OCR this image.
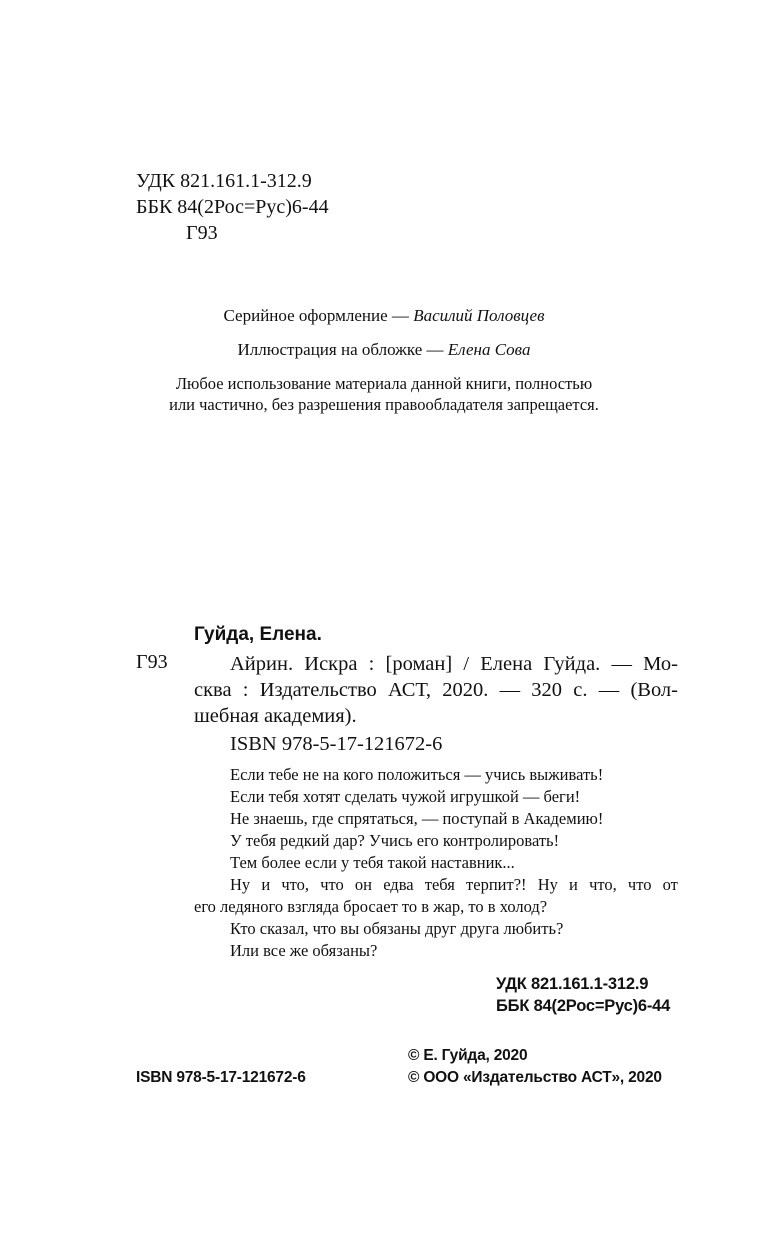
УДК 821.161.1-312.9
ББК 84(2Рос=Рус)6-44
Г93
Серийное оформление — Василий Половцев
Иллюстрация на обложке — Елена Сова
Любое использование материала данной книги, полностью
или частично, без разрешения правообладателя запрещается.
Гуйда, Елена.
Г93	Айрин. Искра : [роман] / Елена Гуйда. — Мо-
сква : Издательство АСТ, 2020. — 320 с. — (Вол-
шебная академия).
ISBN 978-5-17-121672-6
Если тебе не на кого положиться — учись выживать!
Если тебя хотят сделать чужой игрушкой — беги!
Не знаешь, где спрятаться, — поступай в Академию!
У тебя редкий дар? Учись его контролировать!
Тем более если у тебя такой наставник...
Ну и что, что он едва тебя терпит?! Ну и что, что от
его ледяного взгляда бросает то в жар, то в холод?
Кто сказал, что вы обязаны друг друга любить?
Или все же обязаны?
УДК 821.161.1-312.9
ББК 84(2Рос=Рус)6-44
ISBN 978-5-17-121672-6
© Е. Гуйда, 2020
© ООО «Издательство АСТ», 2020
